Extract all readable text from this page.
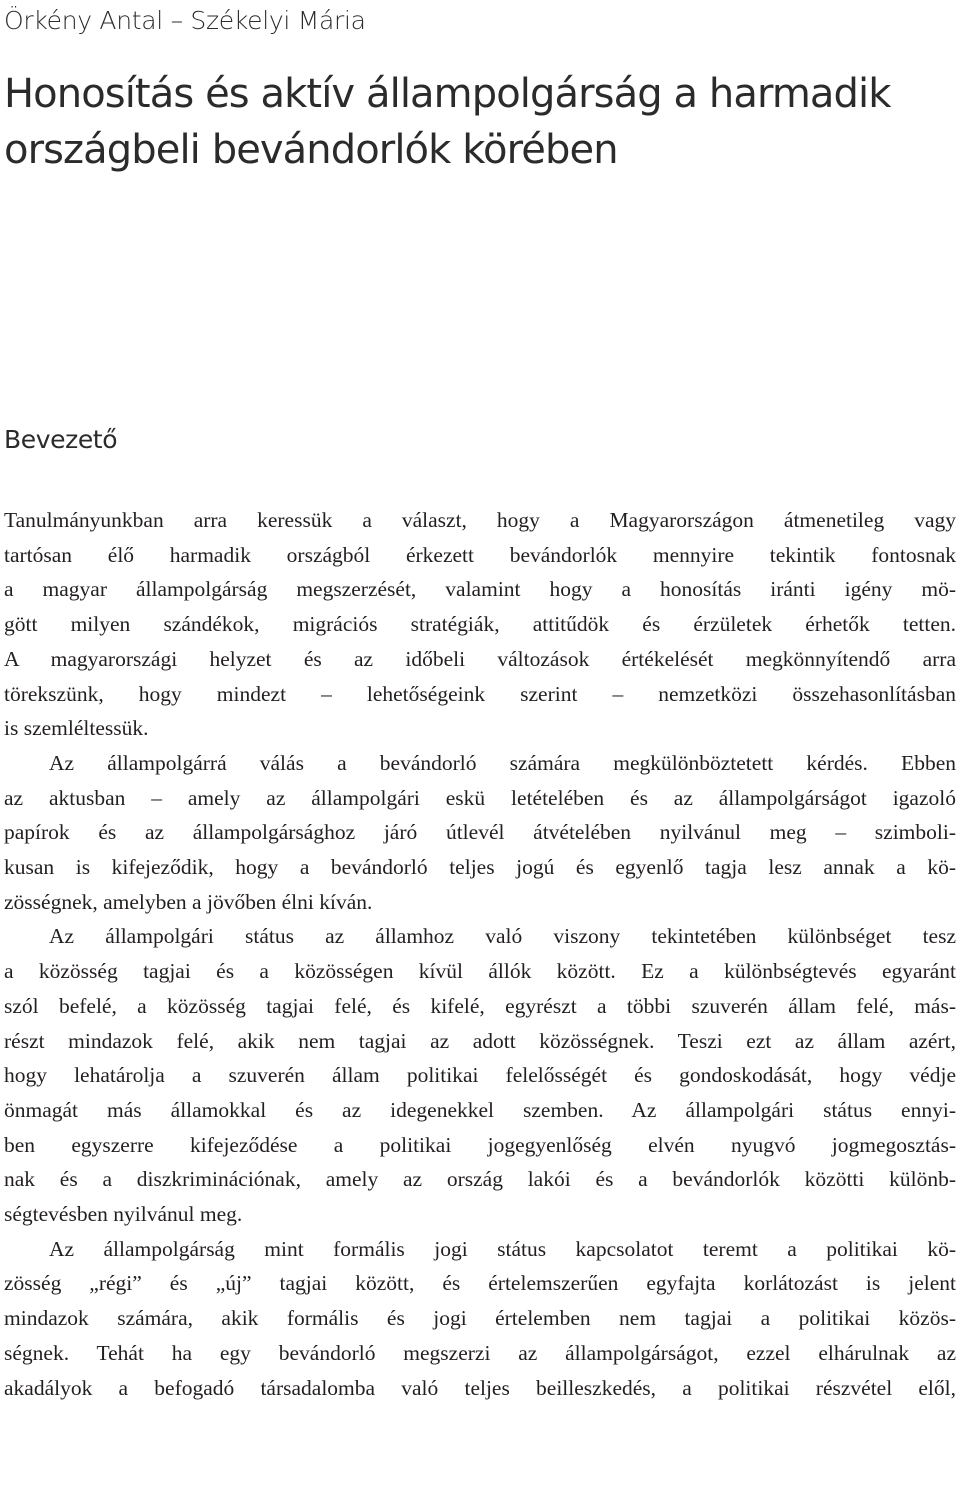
Örkény Antal – Székelyi Mária
Honosítás és aktív állampolgárság a harmadik országbeli bevándorlók körében
Bevezető
Tanulmányunkban arra keressük a választ, hogy a Magyarországon átmenetileg vagy
tartósan élő harmadik országból érkezett bevándorlók mennyire tekintik fontosnak
a magyar állampolgárság megszerzését, valamint hogy a honosítás iránti igény mö-
gött milyen szándékok, migrációs stratégiák, attitűdök és érzületek érhetők tetten.
A magyarországi helyzet és az időbeli változások értékelését megkönnyítendő arra
törekszünk, hogy mindezt – lehetőségeink szerint – nemzetközi összehasonlításban
is szemléltessük.
Az állampolgárrá válás a bevándorló számára megkülönböztetett kérdés. Ebben
az aktusban – amely az állampolgári eskü letételében és az állampolgárságot igazoló
papírok és az állampolgársághoz járó útlevél átvételében nyilvánul meg – szimboli-
kusan is kifejeződik, hogy a bevándorló teljes jogú és egyenlő tagja lesz annak a kö-
zösségnek, amelyben a jövőben élni kíván.
Az állampolgári státus az államhoz való viszony tekintetében különbséget tesz
a közösség tagjai és a közösségen kívül állók között. Ez a különbségtevés egyaránt
szól befelé, a közösség tagjai felé, és kifelé, egyrészt a többi szuverén állam felé, más-
részt mindazok felé, akik nem tagjai az adott közösségnek. Teszi ezt az állam azért,
hogy lehatárolja a szuverén állam politikai felelősségét és gondoskodását, hogy védje
önmagát más államokkal és az idegenekkel szemben. Az állampolgári státus ennyi-
ben egyszerre kifejeződése a politikai jogegyenlőség elvén nyugvó jogmegosztás-
nak és a diszkriminációnak, amely az ország lakói és a bevándorlók közötti különb-
ségtevésben nyilvánul meg.
Az állampolgárság mint formális jogi státus kapcsolatot teremt a politikai kö-
zösség „régi” és „új” tagjai között, és értelemszerűen egyfajta korlátozást is jelent
mindazok számára, akik formális és jogi értelemben nem tagjai a politikai közös-
ségnek. Tehát ha egy bevándorló megszerzi az állampolgárságot, ezzel elhárulnak az
akadályok a befogadó társadalomba való teljes beilleszkedés, a politikai részvétel elől,
